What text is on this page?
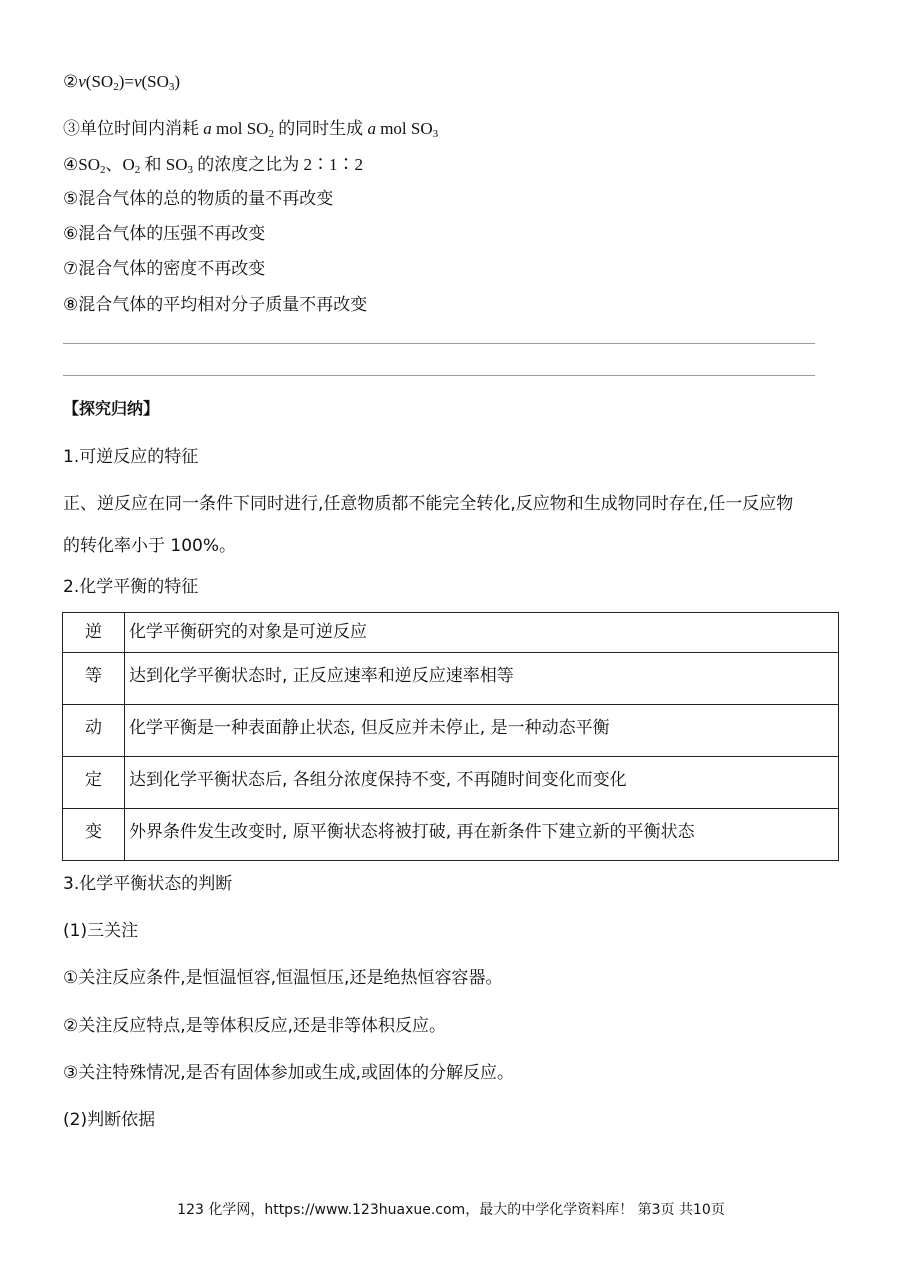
$②v(SO_2)=v(SO_3)$
③单位时间内消耗 a mol $SO_2$ 的同时生成 a mol $SO_3$
$④SO_2$、$O_2$ 和 $SO_3$ 的浓度之比为 2∶1∶2
⑤混合气体的总的物质的量不再改变
⑥混合气体的压强不再改变
⑦混合气体的密度不再改变
⑧混合气体的平均相对分子质量不再改变
【探究归纳】
1.可逆反应的特征
正、逆反应在同一条件下同时进行,任意物质都不能完全转化,反应物和生成物同时存在,任一反应物
的转化率小于 100%。
2.化学平衡的特征
逆	化学平衡研究的对象是可逆反应
等	达到化学平衡状态时, 正反应速率和逆反应速率相等
动	化学平衡是一种表面静止状态, 但反应并未停止, 是一种动态平衡
定	达到化学平衡状态后, 各组分浓度保持不变, 不再随时间变化而变化
变	外界条件发生改变时, 原平衡状态将被打破, 再在新条件下建立新的平衡状态
3.化学平衡状态的判断
(1)三关注
①关注反应条件,是恒温恒容,恒温恒压,还是绝热恒容容器。
②关注反应特点,是等体积反应,还是非等体积反应。
③关注特殊情况,是否有固体参加或生成,或固体的分解反应。
(2)判断依据
123 化学网，https://www.123huaxue.com，最大的中学化学资料库！ 第3页 共10页
